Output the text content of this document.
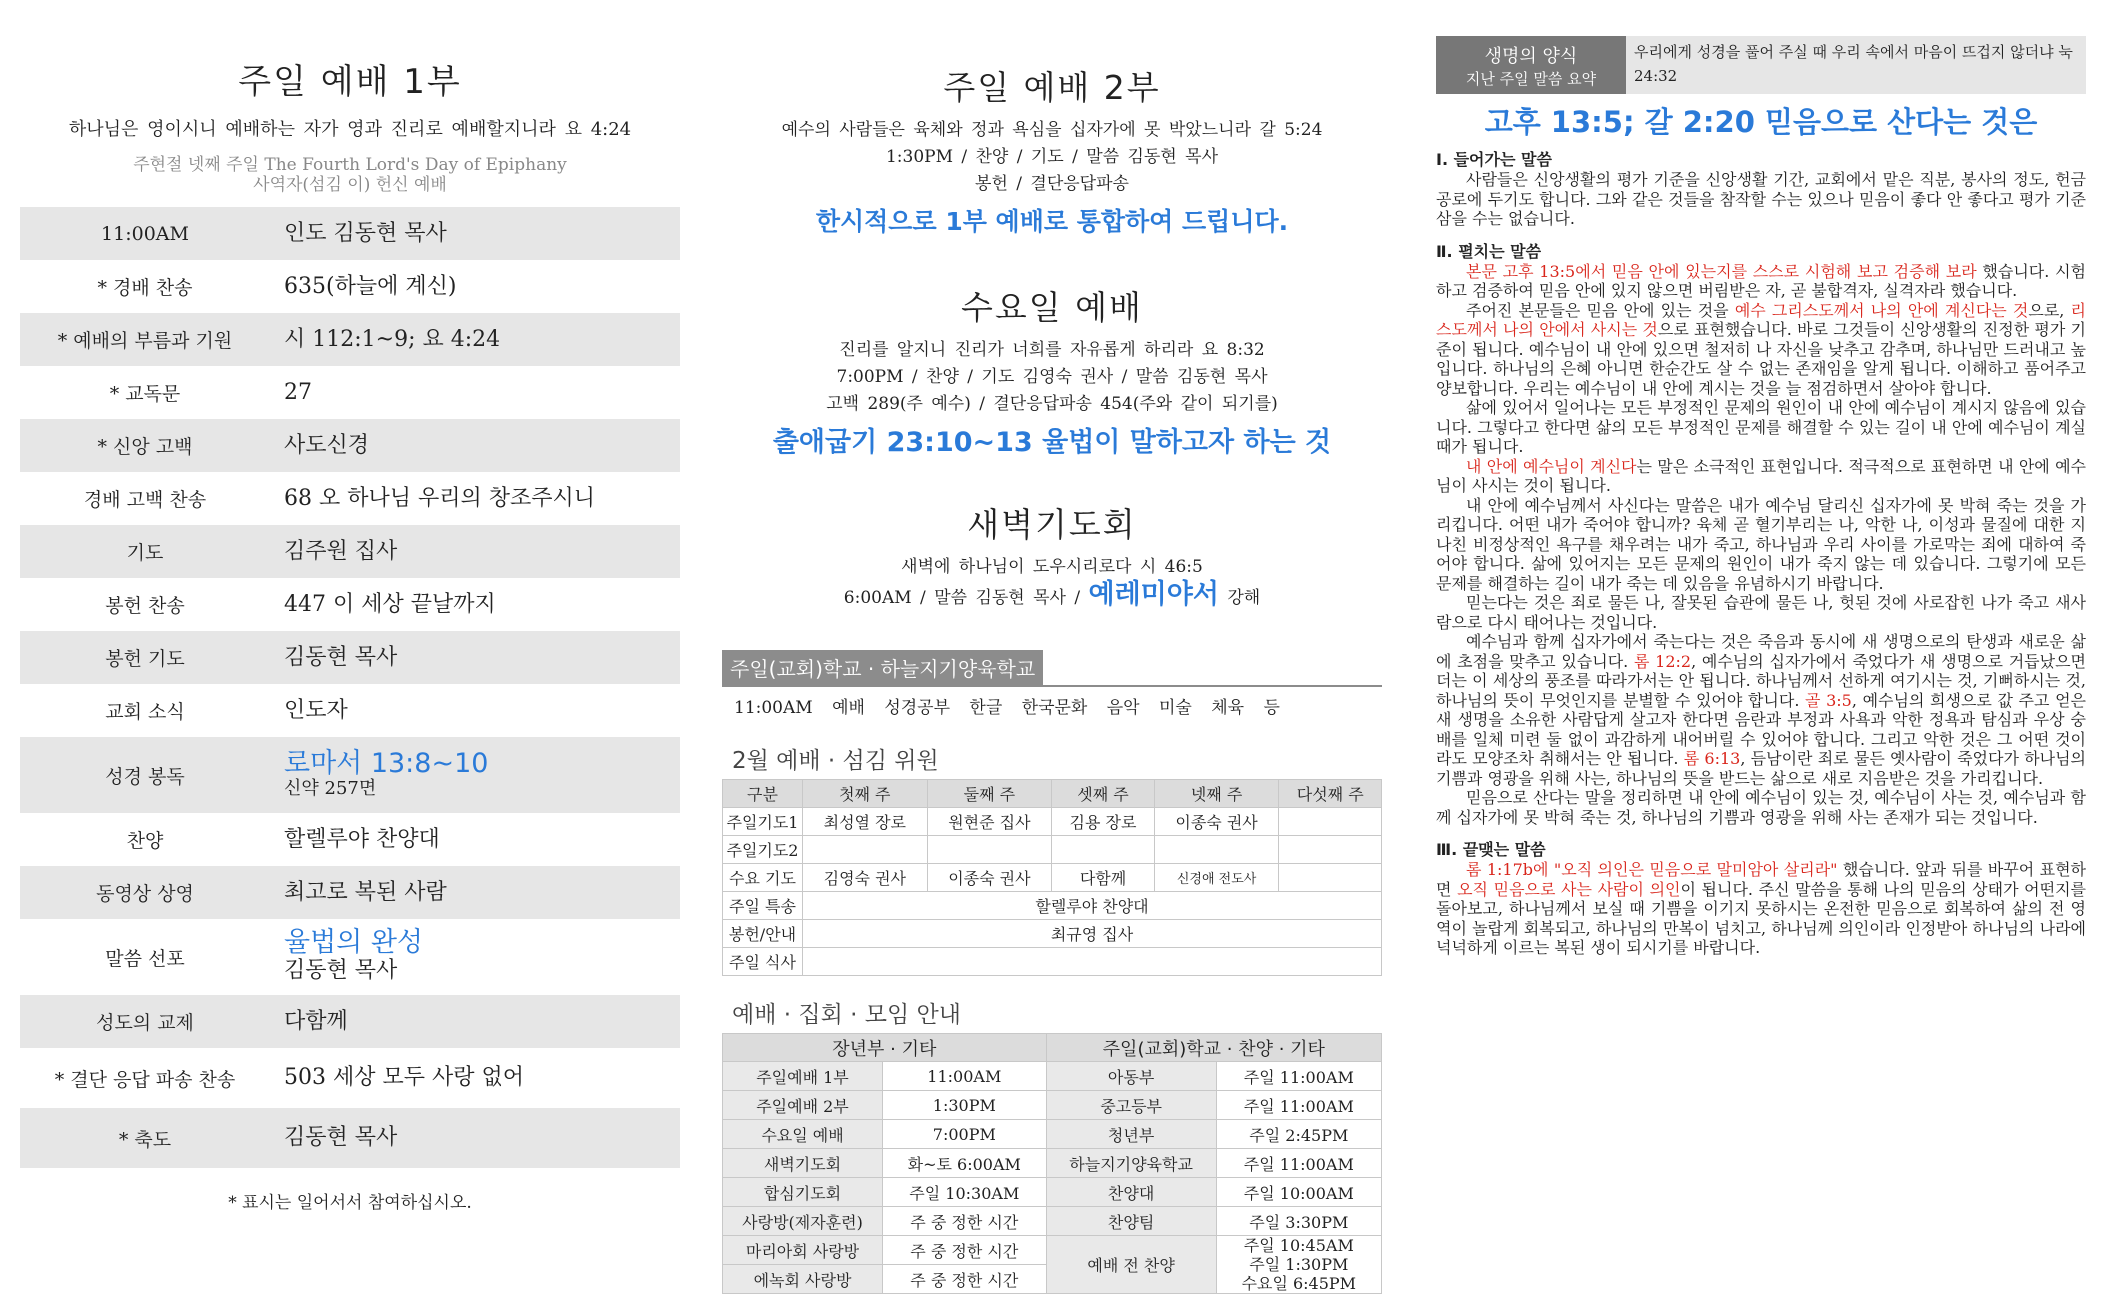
주일 예배 1부
하나님은 영이시니 예배하는 자가 영과 진리로 예배할지니라 요 4:24
주현절 넷째 주일 The Fourth Lord's Day of Epiphany
사역자(섬김 이) 헌신 예배
11:00AM	인도 김동현 목사
* 경배 찬송	635(하늘에 계신)
* 예배의 부름과 기원	시 112:1~9; 요 4:24
* 교독문	27
* 신앙 고백	사도신경
경배 고백 찬송	68 오 하나님 우리의 창조주시니
기도	김주원 집사
봉헌 찬송	447 이 세상 끝날까지
봉헌 기도	김동현 목사
교회 소식	인도자
성경 봉독	로마서 13:8~10
신약 257면
찬양	할렐루야 찬양대
동영상 상영	최고로 복된 사람
말씀 선포
율법의 완성
김동현 목사
성도의 교제	다함께
* 결단 응답 파송 찬송	503 세상 모두 사랑 없어
* 축도	김동현 목사
* 표시는 일어서서 참여하십시오.
주일 예배 2부
예수의 사람들은 육체와 정과 욕심을 십자가에 못 박았느니라 갈 5:24
1:30PM / 찬양 / 기도 / 말씀 김동현 목사
봉헌 / 결단응답파송
한시적으로 1부 예배로 통합하여 드립니다.
수요일 예배
진리를 알지니 진리가 너희를 자유롭게 하리라 요 8:32
7:00PM / 찬양 / 기도 김영숙 권사 / 말씀 김동현 목사
고백 289(주 예수) / 결단응답파송 454(주와 같이 되기를)
출애굽기 23:10~13 율법이 말하고자 하는 것
새벽기도회
새벽에 하나님이 도우시리로다 시 46:5
6:00AM / 말씀 김동현 목사 / 예레미야서 강해
주일(교회)학교 · 하늘지기양육학교
11:00AM 예배 성경공부 한글 한국문화 음악 미술 체육 등
2월 예배 · 섬김 위원
구분	첫째 주	둘째 주	셋째 주	넷째 주	다섯째 주
주일기도1	최성열 장로	원현준 집사	김용 장로	이종숙 권사	
주일기도2					
수요 기도	김영숙 권사	이종숙 권사	다함께	신경애 전도사	
주일 특송	할렐루야 찬양대				
봉헌/안내	최규영 집사				
주일 식사					
예배 · 집회 · 모임 안내
장년부 · 기타		주일(교회)학교 · 찬양 · 기타	
주일예배 1부	11:00AM	아동부	주일 11:00AM
주일예배 2부	1:30PM	중고등부	주일 11:00AM
수요일 예배	7:00PM	청년부	주일 2:45PM
새벽기도회	화~토 6:00AM	하늘지기양육학교	주일 11:00AM
합심기도회	주일 10:30AM	찬양대	주일 10:00AM
사랑방(제자훈련)	주 중 정한 시간	찬양팀	주일 3:30PM
마리아회 사랑방	주 중 정한 시간	예배 전 찬양	주일 10:45AM
주일 1:30PM
수요일 6:45PM

에녹회 사랑방	주 중 정한 시간		
생명의 양식
지난 주일 말씀 요약
우리에게 성경을 풀어 주실 때 우리 속에서 마음이 뜨겁지 않더냐 눅 24:32
고후 13:5; 갈 2:20 믿음으로 산다는 것은
Ⅰ. 들어가는 말씀

사람들은 신앙생활의 평가 기준을 신앙생활 기간, 교회에서 맡은 직분, 봉사의 정도, 헌금 공로에 두기도 합니다. 그와 같은 것들을 참작할 수는 있으나 믿음이 좋다 안 좋다고 평가 기준 삼을 수는 없습니다.

Ⅱ. 펼치는 말씀

본문 고후 13:5에서 믿음 안에 있는지를 스스로 시험해 보고 검증해 보라 했습니다. 시험하고 검증하여 믿음 안에 있지 않으면 버림받은 자, 곧 불합격자, 실격자라 했습니다.

주어진 본문들은 믿음 안에 있는 것을 예수 그리스도께서 나의 안에 계신다는 것으로, 리스도께서 나의 안에서 사시는 것으로 표현했습니다. 바로 그것들이 신앙생활의 진정한 평가 기준이 됩니다. 예수님이 내 안에 있으면 철저히 나 자신을 낮추고 감추며, 하나님만 드러내고 높입니다. 하나님의 은혜 아니면 한순간도 살 수 없는 존재임을 알게 됩니다. 이해하고 품어주고 양보합니다. 우리는 예수님이 내 안에 계시는 것을 늘 점검하면서 살아야 합니다.

삶에 있어서 일어나는 모든 부정적인 문제의 원인이 내 안에 예수님이 계시지 않음에 있습니다. 그렇다고 한다면 삶의 모든 부정적인 문제를 해결할 수 있는 길이 내 안에 예수님이 계실 때가 됩니다.

내 안에 예수님이 계신다는 말은 소극적인 표현입니다. 적극적으로 표현하면 내 안에 예수님이 사시는 것이 됩니다.

내 안에 예수님께서 사신다는 말씀은 내가 예수님 달리신 십자가에 못 박혀 죽는 것을 가리킵니다. 어떤 내가 죽어야 합니까? 육체 곧 혈기부리는 나, 악한 나, 이성과 물질에 대한 지나친 비정상적인 욕구를 채우려는 내가 죽고, 하나님과 우리 사이를 가로막는 죄에 대하여 죽어야 합니다. 삶에 있어지는 모든 문제의 원인이 내가 죽지 않는 데 있습니다. 그렇기에 모든 문제를 해결하는 길이 내가 죽는 데 있음을 유념하시기 바랍니다.

믿는다는 것은 죄로 물든 나, 잘못된 습관에 물든 나, 헛된 것에 사로잡힌 나가 죽고 새사람으로 다시 태어나는 것입니다.

예수님과 함께 십자가에서 죽는다는 것은 죽음과 동시에 새 생명으로의 탄생과 새로운 삶에 초점을 맞추고 있습니다. 롬 12:2, 예수님의 십자가에서 죽었다가 새 생명으로 거듭났으면 더는 이 세상의 풍조를 따라가서는 안 됩니다. 하나님께서 선하게 여기시는 것, 기뻐하시는 것, 하나님의 뜻이 무엇인지를 분별할 수 있어야 합니다. 골 3:5, 예수님의 희생으로 값 주고 얻은 새 생명을 소유한 사람답게 살고자 한다면 음란과 부정과 사욕과 악한 정욕과 탐심과 우상 숭배를 일체 미련 둘 없이 과감하게 내어버릴 수 있어야 합니다. 그리고 악한 것은 그 어떤 것이라도 모양조차 취해서는 안 됩니다. 롬 6:13, 듬남이란 죄로 물든 옛사람이 죽었다가 하나님의 기쁨과 영광을 위해 사는, 하나님의 뜻을 받드는 삶으로 새로 지음받은 것을 가리킵니다.

믿음으로 산다는 말을 정리하면 내 안에 예수님이 있는 것, 예수님이 사는 것, 예수님과 함께 십자가에 못 박혀 죽는 것, 하나님의 기쁨과 영광을 위해 사는 존재가 되는 것입니다.

Ⅲ. 끝맺는 말씀

롬 1:17b에 "오직 의인은 믿음으로 말미암아 살리라" 했습니다. 앞과 뒤를 바꾸어 표현하면 오직 믿음으로 사는 사람이 의인이 됩니다. 주신 말씀을 통해 나의 믿음의 상태가 어떤지를 돌아보고, 하나님께서 보실 때 기쁨을 이기지 못하시는 온전한 믿음으로 회복하여 삶의 전 영역이 놀랍게 회복되고, 하나님의 만복이 넘치고, 하나님께 의인이라 인정받아 하나님의 나라에 넉넉하게 이르는 복된 생이 되시기를 바랍니다.
